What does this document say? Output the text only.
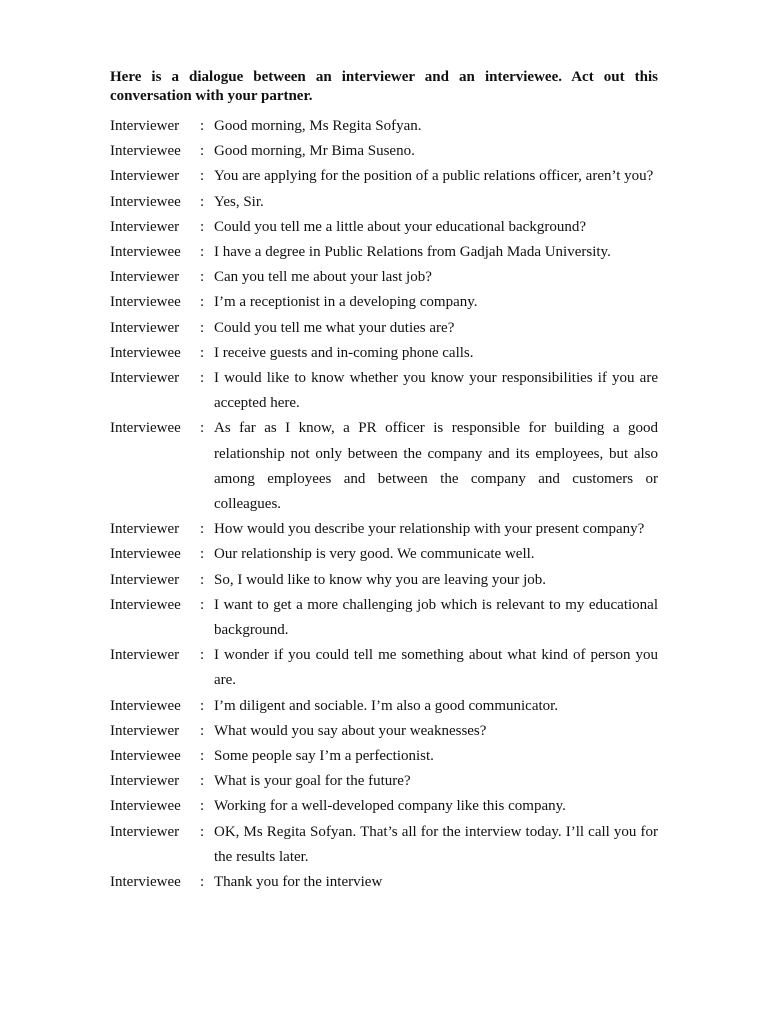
Here is a dialogue between an interviewer and an interviewee. Act out this conversation with your partner.

Interviewer	: Good morning, Ms Regita Sofyan.
Interviewee	: Good morning, Mr Bima Suseno.
Interviewer	: You are applying for the position of a public relations officer, aren’t you?
Interviewee	: Yes, Sir.
Interviewer	: Could you tell me a little about your educational background?
Interviewee	: I have a degree in Public Relations from Gadjah Mada University.
Interviewer	: Can you tell me about your last job?
Interviewee	: I’m a receptionist in a developing company.
Interviewer	: Could you tell me what your duties are?
Interviewee	: I receive guests and in-coming phone calls.
Interviewer	: I would like to know whether you know your responsibilities if you are accepted here.
Interviewee	: As far as I know, a PR officer is responsible for building a good relationship not only between the company and its employees, but also among employees and between the company and customers or colleagues.
Interviewer	: How would you describe your relationship with your present company?
Interviewee	: Our relationship is very good. We communicate well.
Interviewer	: So, I would like to know why you are leaving your job.
Interviewee	: I want to get a more challenging job which is relevant to my educational background.
Interviewer	: I wonder if you could tell me something about what kind of person you are.
Interviewee	: I’m diligent and sociable. I’m also a good communicator.
Interviewer	: What would you say about your weaknesses?
Interviewee	: Some people say I’m a perfectionist.
Interviewer	: What is your goal for the future?
Interviewee	: Working for a well-developed company like this company.
Interviewer	: OK, Ms Regita Sofyan. That’s all for the interview today. I’ll call you for the results later.
Interviewee	: Thank you for the interview
